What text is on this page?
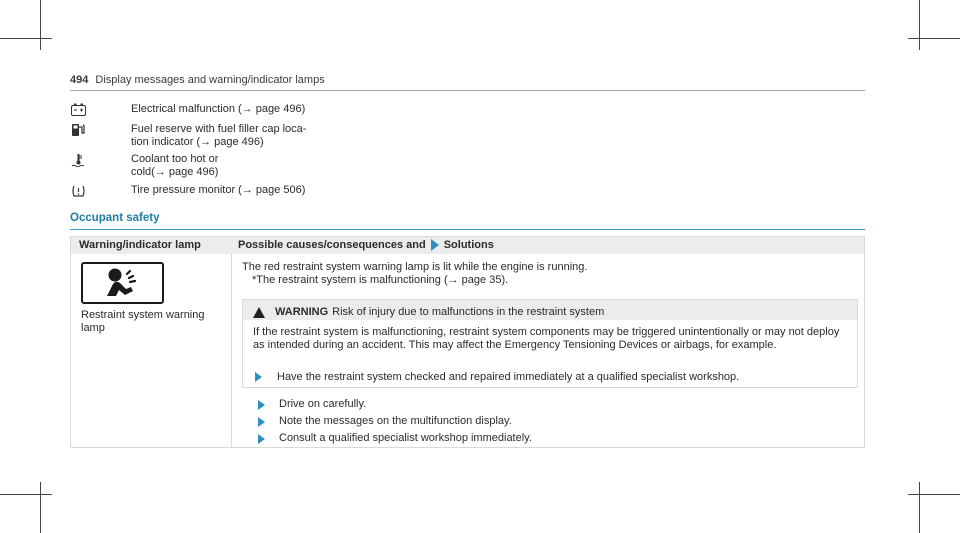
494 Display messages and warning/indicator lamps
Electrical malfunction (→ page 496)
Fuel reserve with fuel filler cap loca-
tion indicator (→ page 496)
Coolant too hot or
cold(→ page 496)
Tire pressure monitor (→ page 506)
Occupant safety
Warning/indicator lamp	Possible causes/consequences and Solutions
Restraint system warning lamp

The red restraint system warning lamp is lit while the engine is running.

*The restraint system is malfunctioning (→ page 35).

WARNING Risk of injury due to malfunctions in the restraint system
If the restraint system is malfunctioning, restraint system components may be triggered unintentionally or may not deploy as intended during an accident. This may affect the Emergency Tensioning Devices or airbags, for example.
Have the restraint system checked and repaired immediately at a qualified specialist workshop.
Drive on carefully.
Note the messages on the multifunction display.
Consult a qualified specialist workshop immediately.
